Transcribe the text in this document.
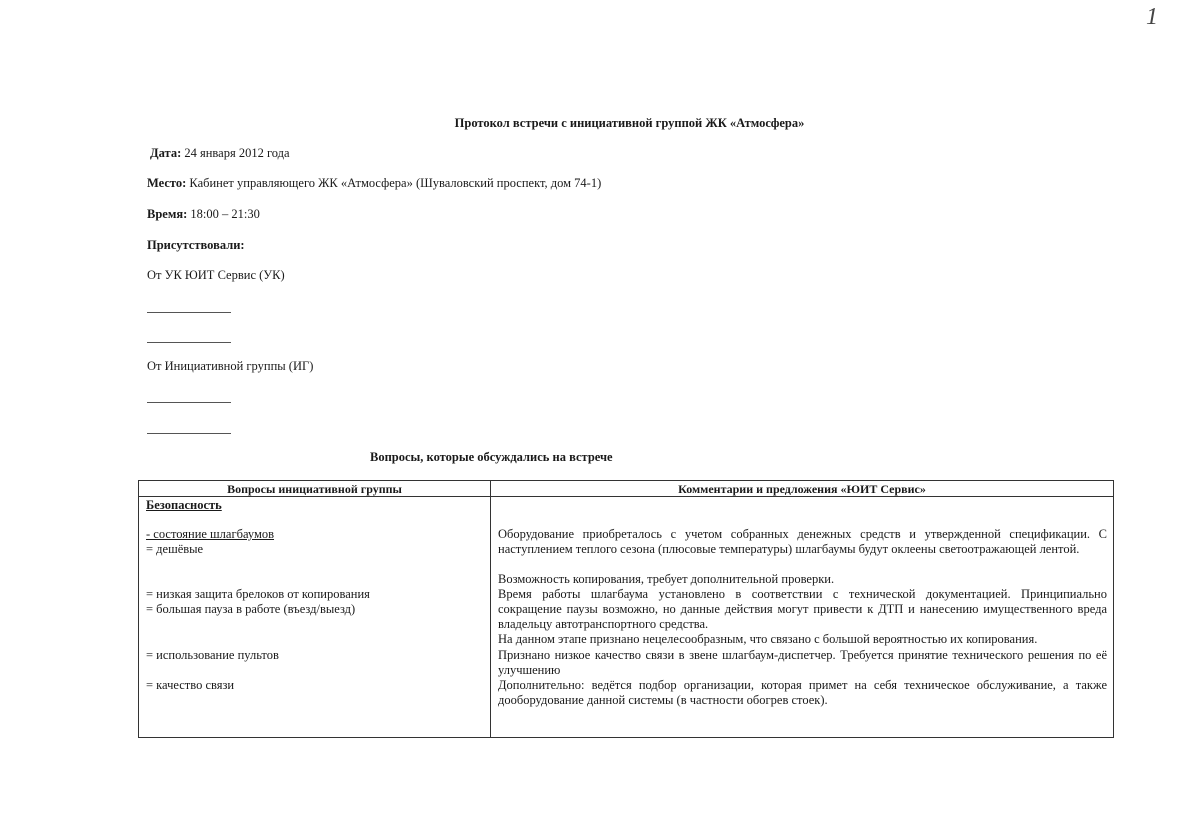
1
Протокол встречи с инициативной группой ЖК «Атмосфера»
Дата: 24 января 2012 года
Место: Кабинет управляющего ЖК «Атмосфера» (Шуваловский проспект, дом 74-1)
Время: 18:00 – 21:30
Присутствовали:
От УК ЮИТ Сервис (УК)
От Инициативной группы (ИГ)
Вопросы, которые обсуждались на встрече
Вопросы инициативной группы	Комментарии и предложения «ЮИТ Сервис»
Безопасность
- состояние шлагбаумов
= дешёвые
= низкая защита брелоков от копирования
= большая пауза в работе (въезд/выезд)
= использование пультов
= качество связи
Оборудование приобреталось с учетом собранных денежных средств и утвержденной спецификации. С наступлением теплого сезона (плюсовые температуры) шлагбаумы будут оклеены светоотражающей лентой.
Возможность копирования, требует дополнительной проверки.
Время работы шлагбаума установлено в соответствии с технической документацией. Принципиально сокращение паузы возможно, но данные действия могут привести к ДТП и нанесению имущественного вреда владельцу автотранспортного средства.
На данном этапе признано нецелесообразным, что связано с большой вероятностью их копирования.
Признано низкое качество связи в звене шлагбаум-диспетчер. Требуется принятие технического решения по её улучшению
Дополнительно: ведётся подбор организации, которая примет на себя техническое обслуживание, а также дооборудование данной системы (в частности обогрев стоек).
